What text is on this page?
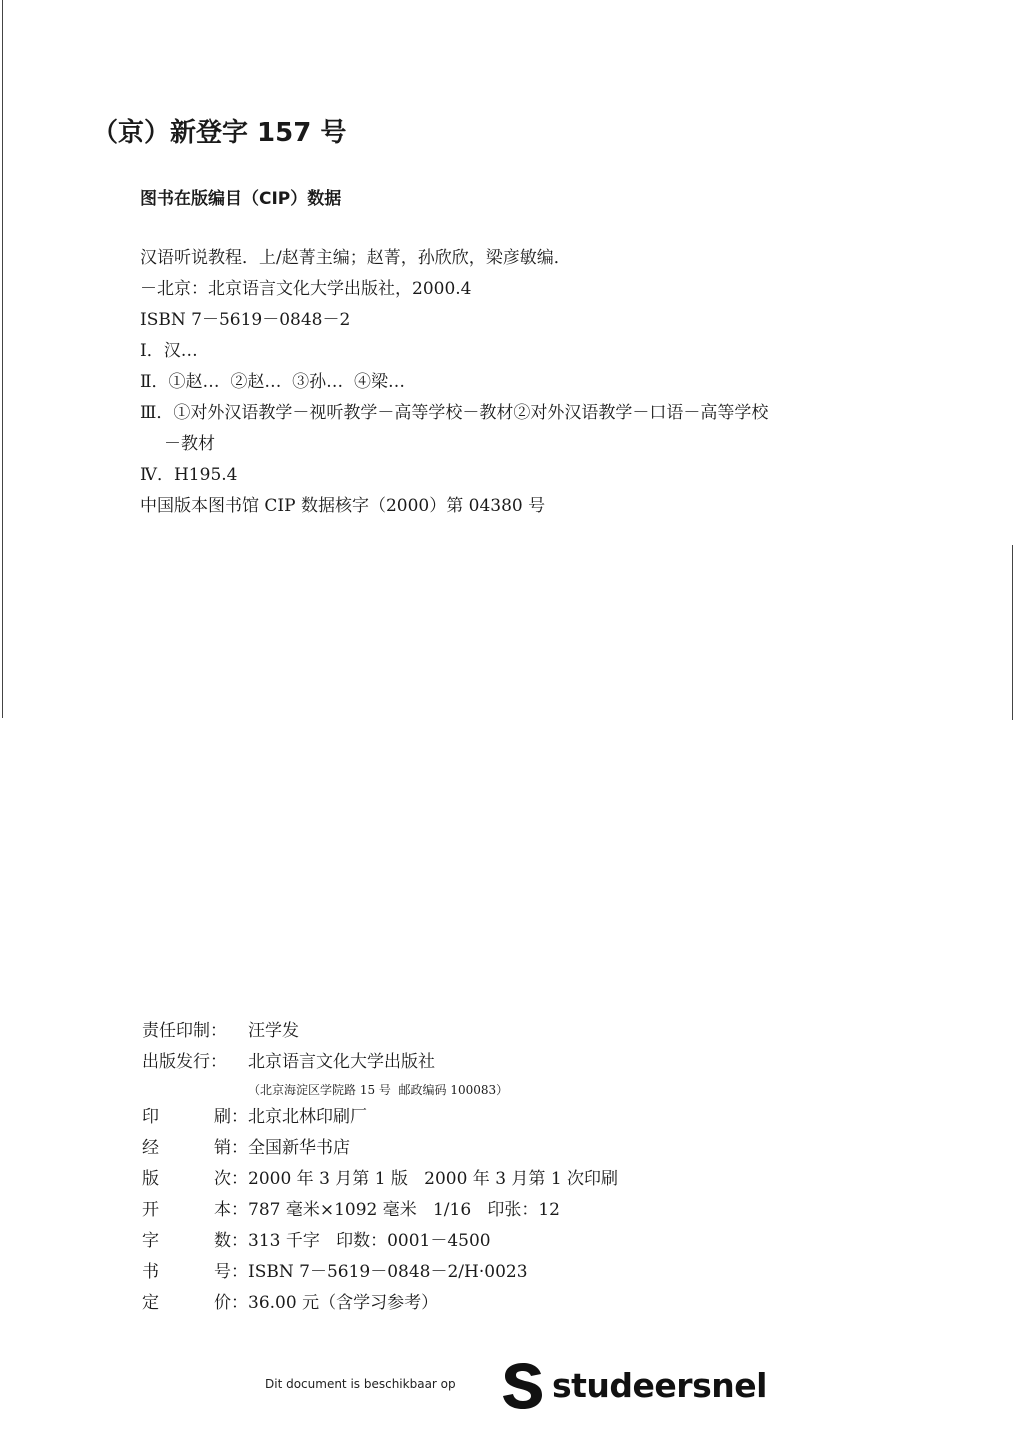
（京）新登字 157 号
图书在版编目（CIP）数据
汉语听说教程．上/赵菁主编；赵菁，孙欣欣，梁彦敏编．
－北京：北京语言文化大学出版社，2000.4
ISBN 7－5619－0848－2
Ⅰ．汉…
Ⅱ．①赵…  ②赵…  ③孙…  ④梁…
Ⅲ．①对外汉语教学－视听教学－高等学校－教材②对外汉语教学－口语－高等学校
－教材
Ⅳ．H195.4
中国版本图书馆 CIP 数据核字（2000）第 04380 号
责任印制：	汪学发
出版发行：	北京语言文化大学出版社
（北京海淀区学院路 15 号  邮政编码 100083）
印	刷： 北京北林印刷厂
经	销： 全国新华书店
版	次： 2000 年 3 月第 1 版   2000 年 3 月第 1 次印刷
开	本： 787 毫米×1092 毫米   1/16   印张：12
字	数： 313 千字   印数：0001－4500
书	号： ISBN 7－5619－0848－2/H·0023
定	价： 36.00 元（含学习参考）
Dit document is beschikbaar op	studeersnel
